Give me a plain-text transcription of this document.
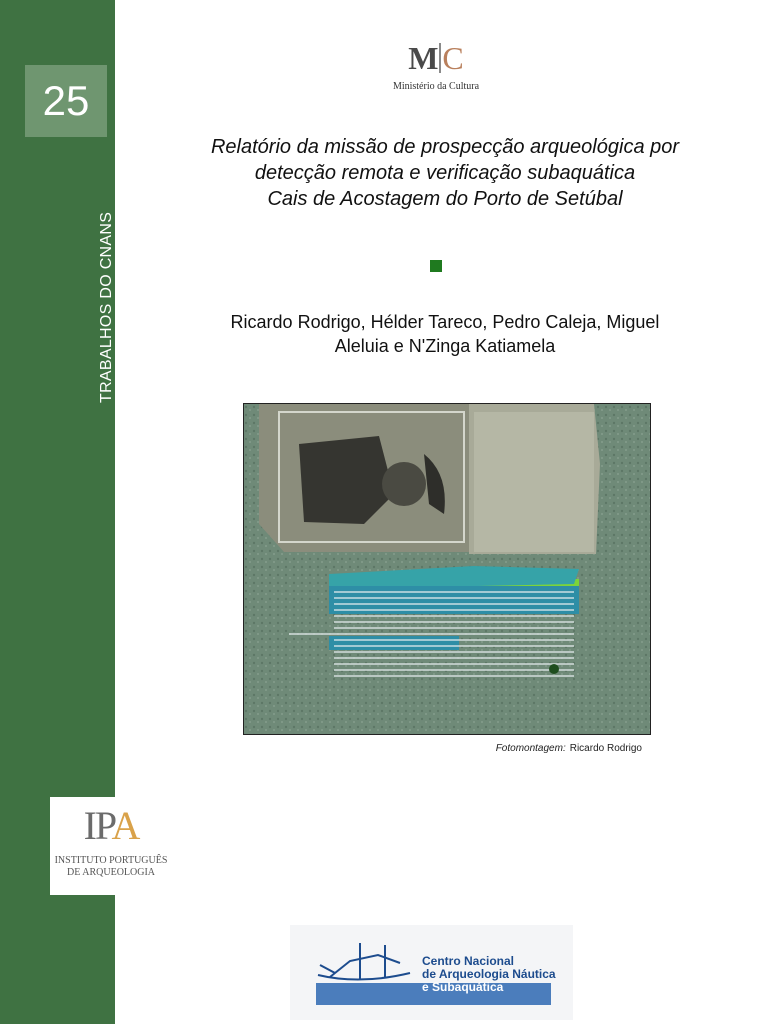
25
TRABALHOS DO CNANS
IPA
INSTITUTO PORTUGUÊS
DE ARQUEOLOGIA
M C
Ministério da Cultura
Relatório da missão de prospecção arqueológica por
detecção remota e verificação subaquática
Cais de Acostagem do Porto de Setúbal
Ricardo Rodrigo, Hélder Tareco, Pedro Caleja, Miguel
Aleluia e N'Zinga Katiamela
Fotomontagem: Ricardo Rodrigo
Centro Nacional
de Arqueologia Náutica
e Subaquática
